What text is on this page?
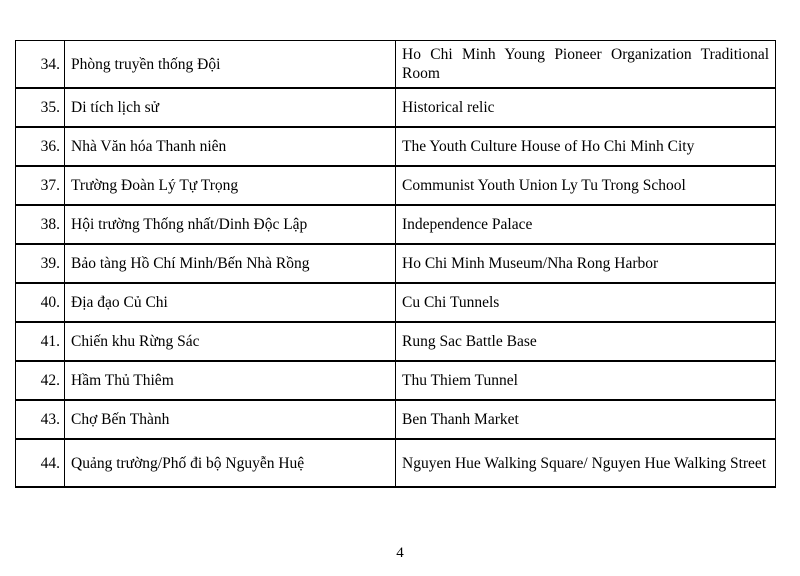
34.	Phòng truyền thống Đội	Ho Chi Minh Young Pioneer Organization Traditional Room
35.	Di tích lịch sử	Historical relic
36.	Nhà Văn hóa Thanh niên	The Youth Culture House of Ho Chi Minh City
37.	Trường Đoàn Lý Tự Trọng	Communist Youth Union Ly Tu Trong School
38.	Hội trường Thống nhất/Dinh Độc Lập	Independence Palace
39.	Bảo tàng Hồ Chí Minh/Bến Nhà Rồng	Ho Chi Minh Museum/Nha Rong Harbor
40.	Địa đạo Củ Chi	Cu Chi Tunnels
41.	Chiến khu Rừng Sác	Rung Sac Battle Base
42.	Hầm Thủ Thiêm	Thu Thiem Tunnel
43.	Chợ Bến Thành	Ben Thanh Market
44.	Quảng trường/Phố đi bộ Nguyễn Huệ	Nguyen Hue Walking Square/ Nguyen Hue Walking Street
4
